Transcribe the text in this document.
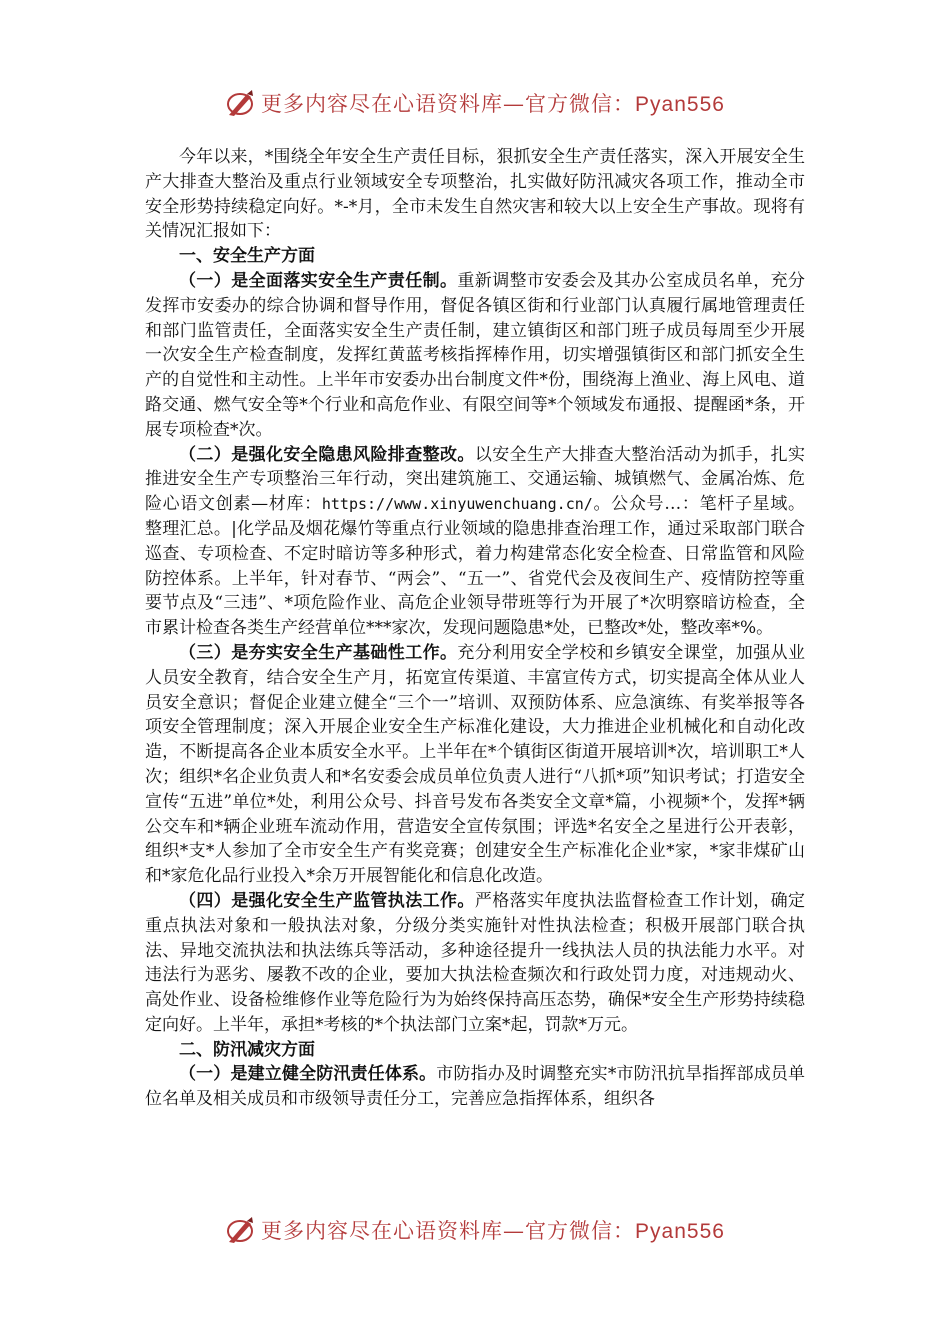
更多内容尽在心语资料库—官方微信：Pyan556

今年以来，*围绕全年安全生产责任目标，狠抓安全生产责任落实，深入开展安全生产大排查大整治及重点行业领域安全专项整治，扎实做好防汛减灾各项工作，推动全市安全形势持续稳定向好。*-*月，全市未发生自然灾害和较大以上安全生产事故。现将有关情况汇报如下：

一、安全生产方面

（一）是全面落实安全生产责任制。重新调整市安委会及其办公室成员名单，充分发挥市安委办的综合协调和督导作用，督促各镇区街和行业部门认真履行属地管理责任和部门监管责任，全面落实安全生产责任制，建立镇街区和部门班子成员每周至少开展一次安全生产检查制度，发挥红黄蓝考核指挥棒作用，切实增强镇街区和部门抓安全生产的自觉性和主动性。上半年市安委办出台制度文件*份，围绕海上渔业、海上风电、道路交通、燃气安全等*个行业和高危作业、有限空间等*个领域发布通报、提醒函*条，开展专项检查*次。

（二）是强化安全隐患风险排查整改。以安全生产大排查大整治活动为抓手，扎实推进安全生产专项整治三年行动，突出建筑施工、交通运输、城镇燃气、金属冶炼、危险心语文创素—材库：https://www.xinyuwenchuang.cn/。公众号…：笔杆子星域。整理汇总。|化学品及烟花爆竹等重点行业领域的隐患排查治理工作，通过采取部门联合巡查、专项检查、不定时暗访等多种形式，着力构建常态化安全检查、日常监管和风险防控体系。上半年，针对春节、“两会”、“五一”、省党代会及夜间生产、疫情防控等重要节点及“三违”、*项危险作业、高危企业领导带班等行为开展了*次明察暗访检查，全市累计检查各类生产经营单位***家次，发现问题隐患*处，已整改*处，整改率*%。

（三）是夯实安全生产基础性工作。充分利用安全学校和乡镇安全课堂，加强从业人员安全教育，结合安全生产月，拓宽宣传渠道、丰富宣传方式，切实提高全体从业人员安全意识；督促企业建立健全“三个一”培训、双预防体系、应急演练、有奖举报等各项安全管理制度；深入开展企业安全生产标准化建设，大力推进企业机械化和自动化改造，不断提高各企业本质安全水平。上半年在*个镇街区街道开展培训*次，培训职工*人次；组织*名企业负责人和*名安委会成员单位负责人进行“八抓*项”知识考试；打造安全宣传“五进”单位*处，利用公众号、抖音号发布各类安全文章*篇，小视频*个，发挥*辆公交车和*辆企业班车流动作用，营造安全宣传氛围；评选*名安全之星进行公开表彰，组织*支*人参加了全市安全生产有奖竞赛；创建安全生产标准化企业*家，*家非煤矿山和*家危化品行业投入*余万开展智能化和信息化改造。

（四）是强化安全生产监管执法工作。严格落实年度执法监督检查工作计划，确定重点执法对象和一般执法对象，分级分类实施针对性执法检查；积极开展部门联合执法、异地交流执法和执法练兵等活动，多种途径提升一线执法人员的执法能力水平。对违法行为恶劣、屡教不改的企业，要加大执法检查频次和行政处罚力度，对违规动火、高处作业、设备检维修作业等危险行为为始终保持高压态势，确保*安全生产形势持续稳定向好。上半年，承担*考核的*个执法部门立案*起，罚款*万元。

二、防汛减灾方面

（一）是建立健全防汛责任体系。市防指办及时调整充实*市防汛抗旱指挥部成员单位名单及相关成员和市级领导责任分工，完善应急指挥体系，组织各

更多内容尽在心语资料库—官方微信：Pyan556
